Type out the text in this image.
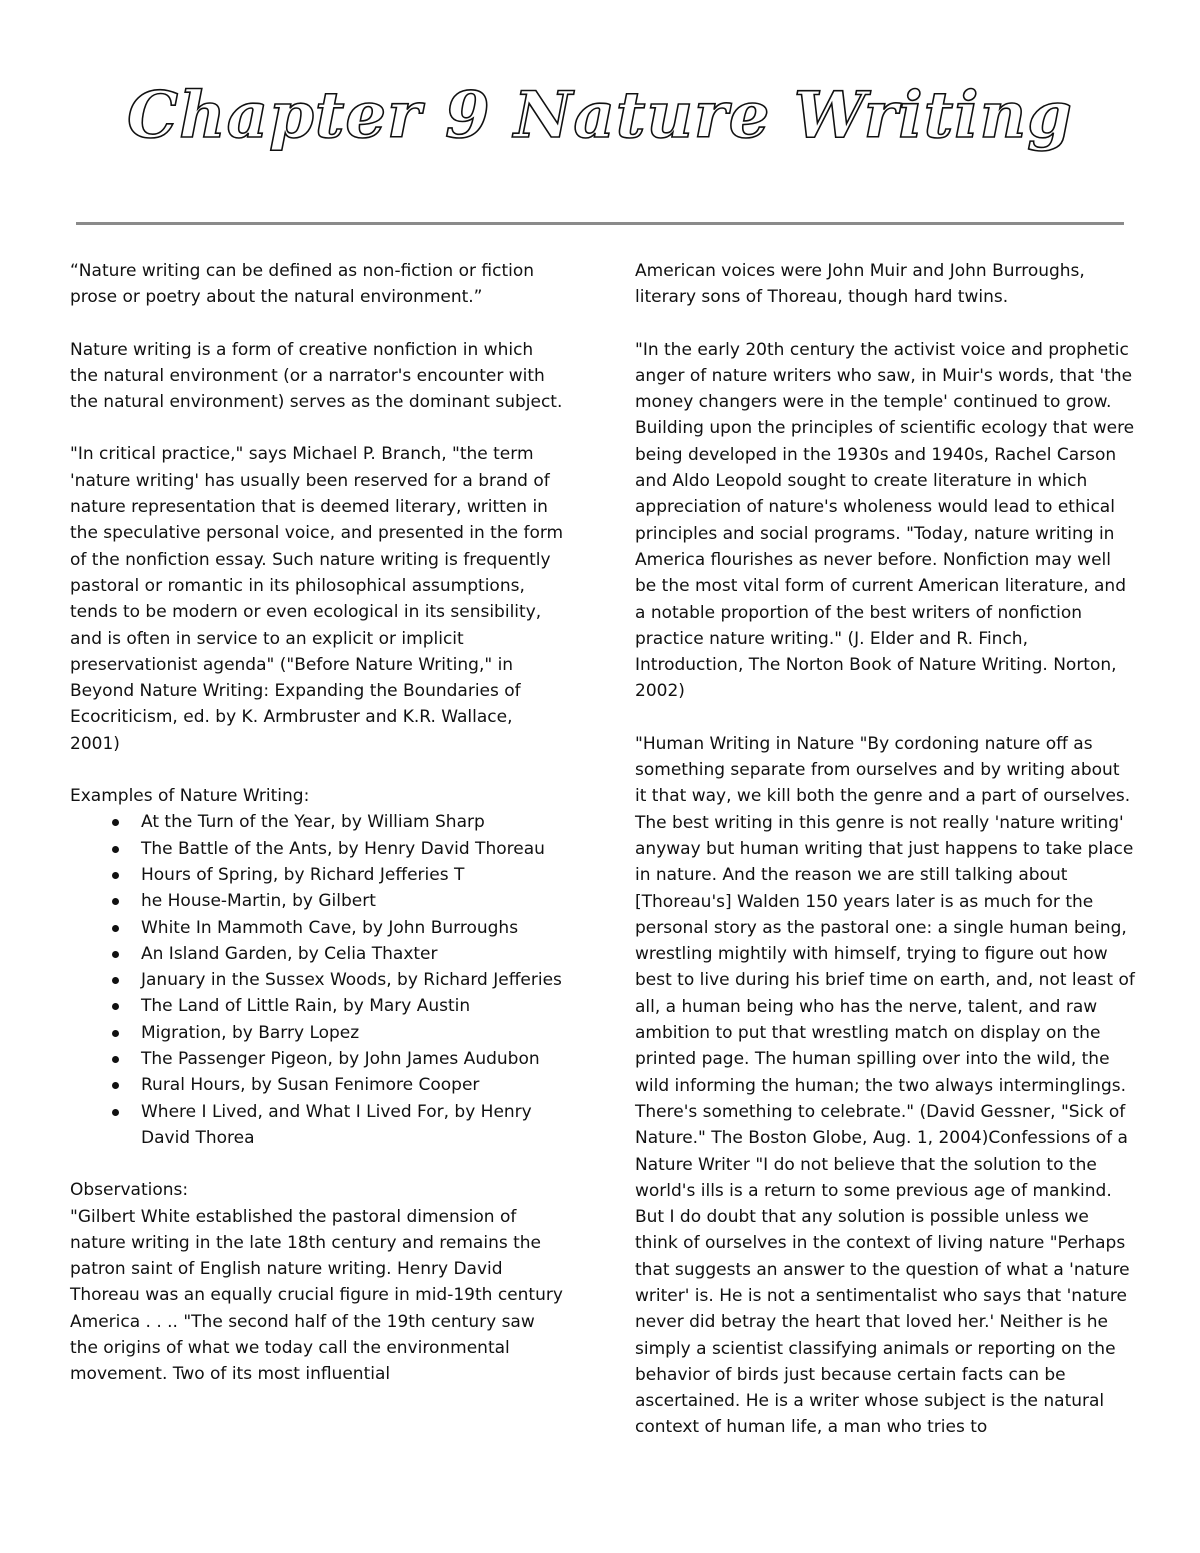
Chapter 9 Nature Writing

“Nature writing can be defined as non-fiction or fiction prose or poetry about the natural environment.”

Nature writing is a form of creative nonfiction in which the natural environment (or a narrator's encounter with the natural environment) serves as the dominant subject.

"In critical practice," says Michael P. Branch, "the term 'nature writing' has usually been reserved for a brand of nature representation that is deemed literary, written in the speculative personal voice, and presented in the form of the nonfiction essay. Such nature writing is frequently pastoral or romantic in its philosophical assumptions, tends to be modern or even ecological in its sensibility, and is often in service to an explicit or implicit preservationist agenda" ("Before Nature Writing," in Beyond Nature Writing: Expanding the Boundaries of Ecocriticism, ed. by K. Armbruster and K.R. Wallace, 2001)

Examples of Nature Writing:

At the Turn of the Year, by William Sharp
The Battle of the Ants, by Henry David Thoreau
Hours of Spring, by Richard Jefferies T
he House-Martin, by Gilbert
White In Mammoth Cave, by John Burroughs
An Island Garden, by Celia Thaxter
January in the Sussex Woods, by Richard Jefferies
The Land of Little Rain, by Mary Austin
Migration, by Barry Lopez
The Passenger Pigeon, by John James Audubon
Rural Hours, by Susan Fenimore Cooper
Where I Lived, and What I Lived For, by Henry David Thorea

Observations:

"Gilbert White established the pastoral dimension of nature writing in the late 18th century and remains the patron saint of English nature writing. Henry David Thoreau was an equally crucial figure in mid-19th century America . . .. "The second half of the 19th century saw the origins of what we today call the environmental movement. Two of its most influential

American voices were John Muir and John Burroughs, literary sons of Thoreau, though hard twins.

"In the early 20th century the activist voice and prophetic anger of nature writers who saw, in Muir's words, that 'the money changers were in the temple' continued to grow. Building upon the principles of scientific ecology that were being developed in the 1930s and 1940s, Rachel Carson and Aldo Leopold sought to create literature in which appreciation of nature's wholeness would lead to ethical principles and social programs. "Today, nature writing in America flourishes as never before. Nonfiction may well be the most vital form of current American literature, and a notable proportion of the best writers of nonfiction practice nature writing." (J. Elder and R. Finch, Introduction, The Norton Book of Nature Writing. Norton, 2002)

"Human Writing in Nature "By cordoning nature off as something separate from ourselves and by writing about it that way, we kill both the genre and a part of ourselves. The best writing in this genre is not really 'nature writing' anyway but human writing that just happens to take place in nature. And the reason we are still talking about [Thoreau's] Walden 150 years later is as much for the personal story as the pastoral one: a single human being, wrestling mightily with himself, trying to figure out how best to live during his brief time on earth, and, not least of all, a human being who has the nerve, talent, and raw ambition to put that wrestling match on display on the printed page. The human spilling over into the wild, the wild informing the human; the two always interminglings. There's something to celebrate." (David Gessner, "Sick of Nature." The Boston Globe, Aug. 1, 2004)Confessions of a Nature Writer "I do not believe that the solution to the world's ills is a return to some previous age of mankind. But I do doubt that any solution is possible unless we think of ourselves in the context of living nature "Perhaps that suggests an answer to the question of what a 'nature writer' is. He is not a sentimentalist who says that 'nature never did betray the heart that loved her.' Neither is he simply a scientist classifying animals or reporting on the behavior of birds just because certain facts can be ascertained. He is a writer whose subject is the natural context of human life, a man who tries to
